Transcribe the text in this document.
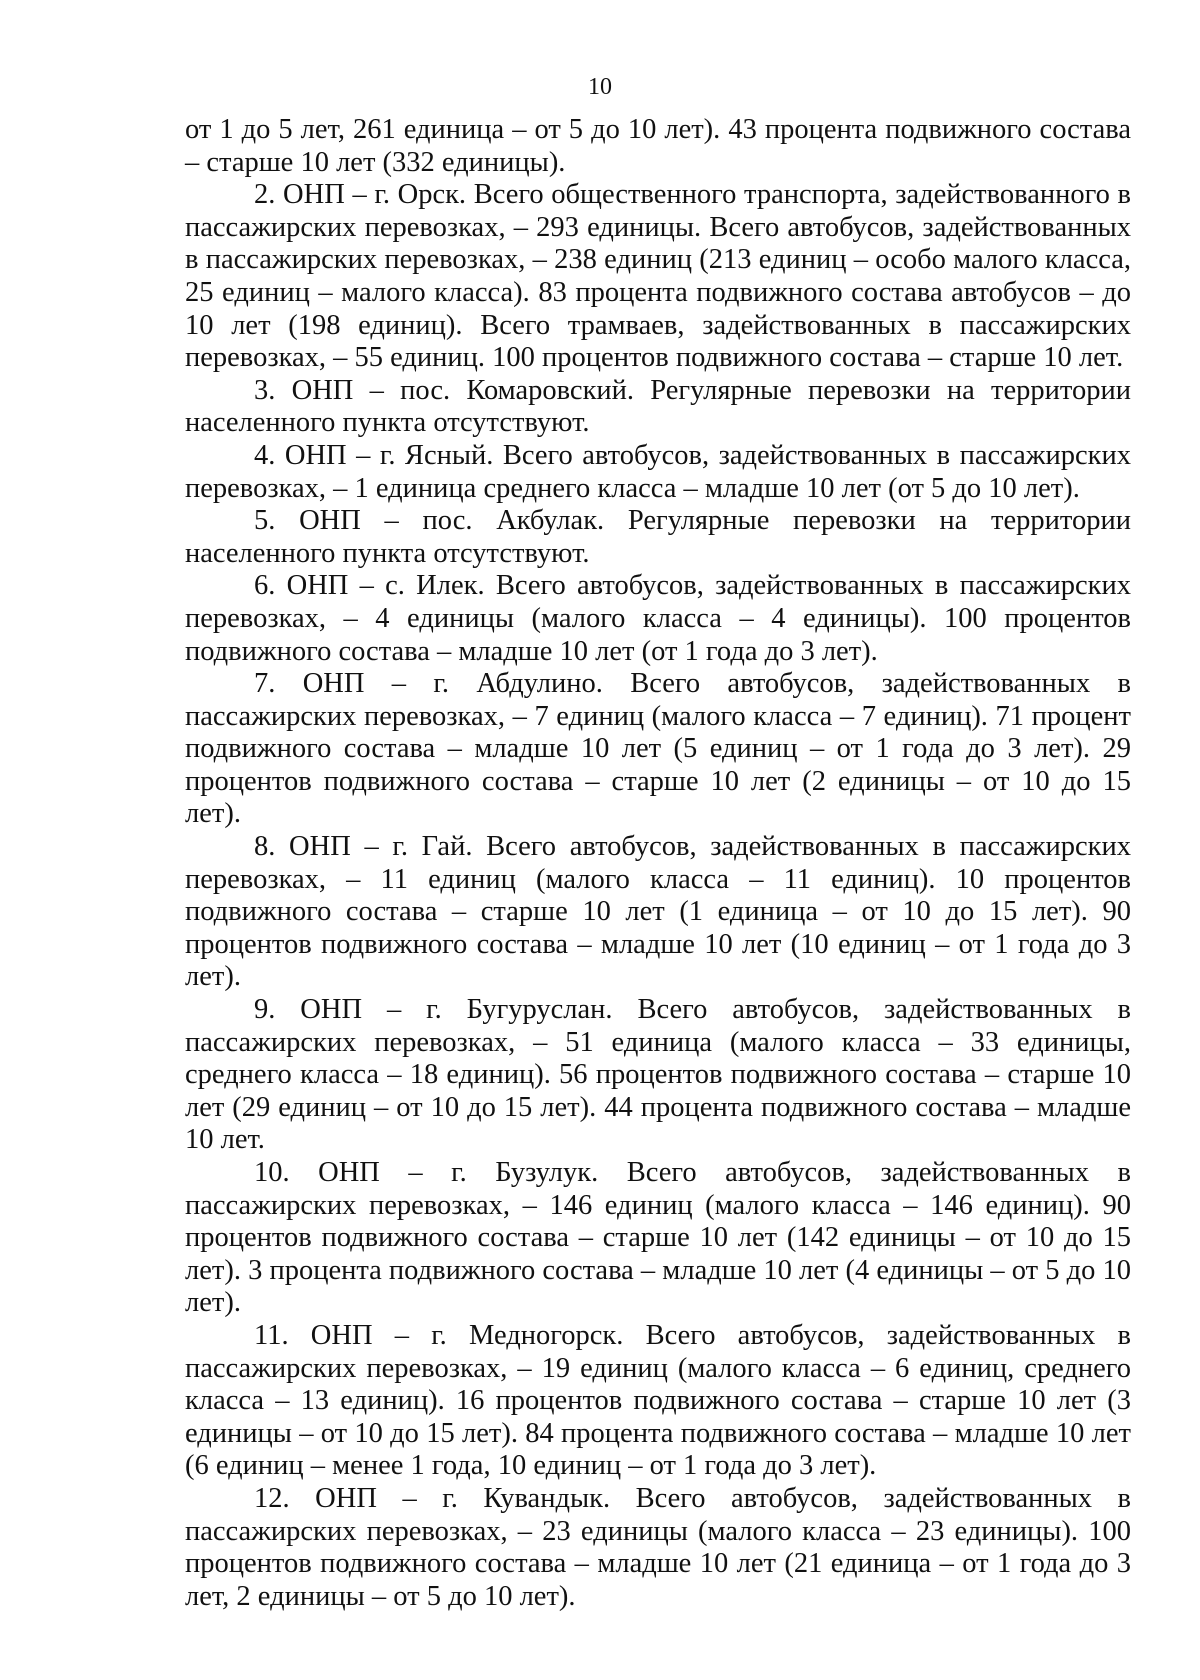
10

от 1 до 5 лет, 261 единица – от 5 до 10 лет). 43 процента подвижного состава – старше 10 лет (332 единицы).

2. ОНП – г. Орск. Всего общественного транспорта, задействованного в пассажирских перевозках, – 293 единицы. Всего автобусов, задействованных в пассажирских перевозках, – 238 единиц (213 единиц – особо малого класса, 25 единиц – малого класса). 83 процента подвижного состава автобусов – до 10 лет (198 единиц). Всего трамваев, задействованных в пассажирских перевозках, – 55 единиц. 100 процентов подвижного состава – старше 10 лет.

3. ОНП – пос. Комаровский. Регулярные перевозки на территории населенного пункта отсутствуют.

4. ОНП – г. Ясный. Всего автобусов, задействованных в пассажирских перевозках, – 1 единица среднего класса – младше 10 лет (от 5 до 10 лет).

5. ОНП – пос. Акбулак. Регулярные перевозки на территории населенного пункта отсутствуют.

6. ОНП – с. Илек. Всего автобусов, задействованных в пассажирских перевозках, – 4 единицы (малого класса – 4 единицы). 100 процентов подвижного состава – младше 10 лет (от 1 года до 3 лет).

7. ОНП – г. Абдулино. Всего автобусов, задействованных в пассажирских перевозках, – 7 единиц (малого класса – 7 единиц). 71 процент подвижного состава – младше 10 лет (5 единиц – от 1 года до 3 лет). 29 процентов подвижного состава – старше 10 лет (2 единицы – от 10 до 15 лет).

8. ОНП – г. Гай. Всего автобусов, задействованных в пассажирских перевозках, – 11 единиц (малого класса – 11 единиц). 10 процентов подвижного состава – старше 10 лет (1 единица – от 10 до 15 лет). 90 процентов подвижного состава – младше 10 лет (10 единиц – от 1 года до 3 лет).

9. ОНП – г. Бугуруслан. Всего автобусов, задействованных в пассажирских перевозках, – 51 единица (малого класса – 33 единицы, среднего класса – 18 единиц). 56 процентов подвижного состава – старше 10 лет (29 единиц – от 10 до 15 лет). 44 процента подвижного состава – младше 10 лет.

10. ОНП – г. Бузулук. Всего автобусов, задействованных в пассажирских перевозках, – 146 единиц (малого класса – 146 единиц). 90 процентов подвижного состава – старше 10 лет (142 единицы – от 10 до 15 лет). 3 процента подвижного состава – младше 10 лет (4 единицы – от 5 до 10 лет).

11. ОНП – г. Медногорск. Всего автобусов, задействованных в пассажирских перевозках, – 19 единиц (малого класса – 6 единиц, среднего класса – 13 единиц). 16 процентов подвижного состава – старше 10 лет (3 единицы – от 10 до 15 лет). 84 процента подвижного состава – младше 10 лет (6 единиц – менее 1 года, 10 единиц – от 1 года до 3 лет).

12. ОНП – г. Кувандык. Всего автобусов, задействованных в пассажирских перевозках, – 23 единицы (малого класса – 23 единицы). 100 процентов подвижного состава – младше 10 лет (21 единица – от 1 года до 3 лет, 2 единицы – от 5 до 10 лет).
